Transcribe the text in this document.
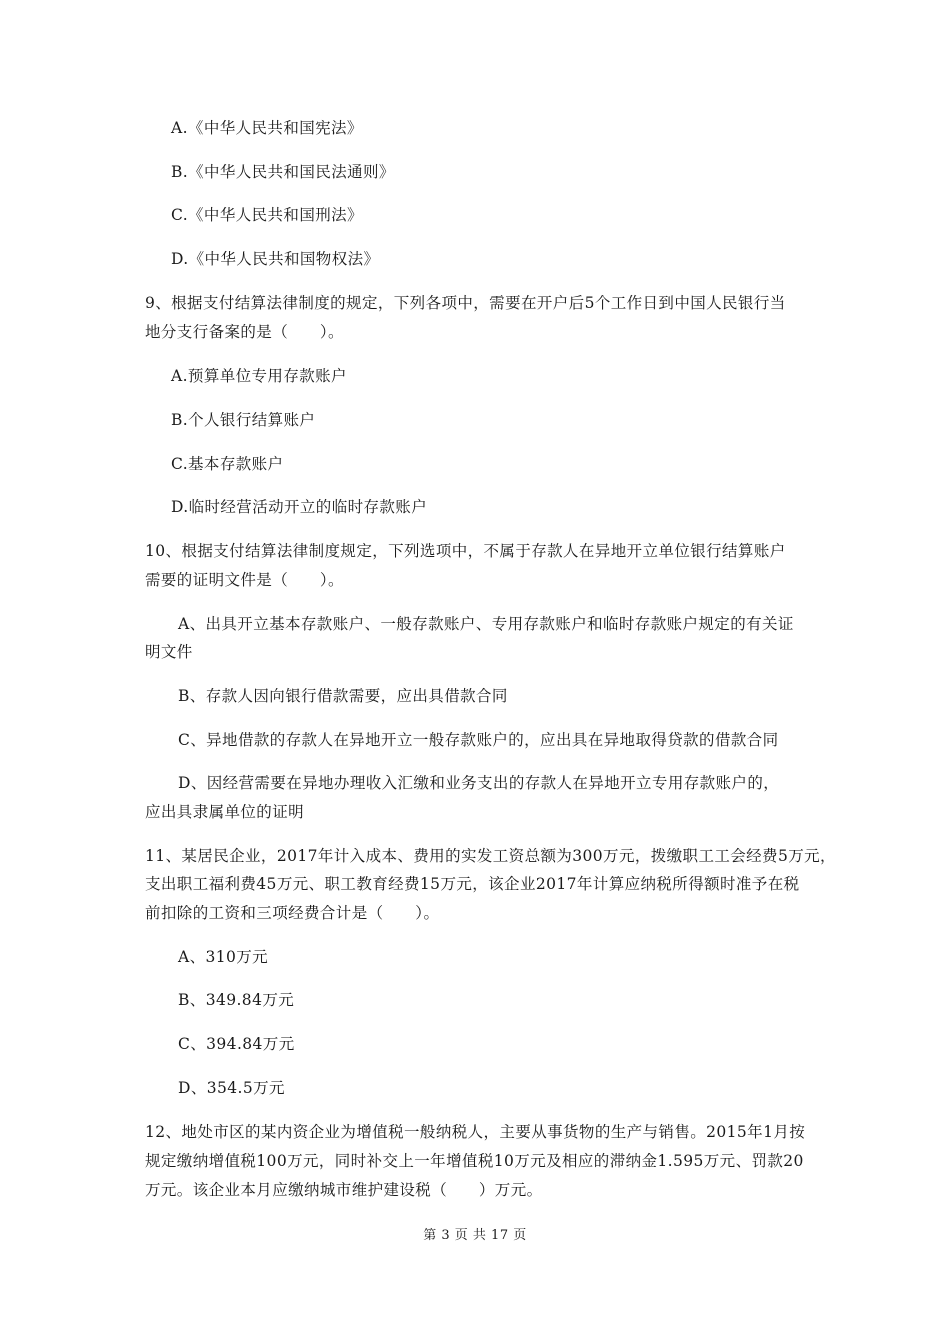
A.《中华人民共和国宪法》
B.《中华人民共和国民法通则》
C.《中华人民共和国刑法》
D.《中华人民共和国物权法》
9、根据支付结算法律制度的规定，下列各项中，需要在开户后5个工作日到中国人民银行当
地分支行备案的是（　　）。
A.预算单位专用存款账户
B.个人银行结算账户
C.基本存款账户
D.临时经营活动开立的临时存款账户
10、根据支付结算法律制度规定，下列选项中，不属于存款人在异地开立单位银行结算账户
需要的证明文件是（　　）。
A、出具开立基本存款账户、一般存款账户、专用存款账户和临时存款账户规定的有关证
明文件
B、存款人因向银行借款需要，应出具借款合同
C、异地借款的存款人在异地开立一般存款账户的，应出具在异地取得贷款的借款合同
D、因经营需要在异地办理收入汇缴和业务支出的存款人在异地开立专用存款账户的，
应出具隶属单位的证明
11、某居民企业，2017年计入成本、费用的实发工资总额为300万元，拨缴职工工会经费5万元，
支出职工福利费45万元、职工教育经费15万元，该企业2017年计算应纳税所得额时准予在税
前扣除的工资和三项经费合计是（　　）。
A、310万元
B、349.84万元
C、394.84万元
D、354.5万元
12、地处市区的某内资企业为增值税一般纳税人，主要从事货物的生产与销售。2015年1月按
规定缴纳增值税100万元，同时补交上一年增值税10万元及相应的滞纳金1.595万元、罚款20
万元。该企业本月应缴纳城市维护建设税（　　）万元。
第 3 页 共 17 页
